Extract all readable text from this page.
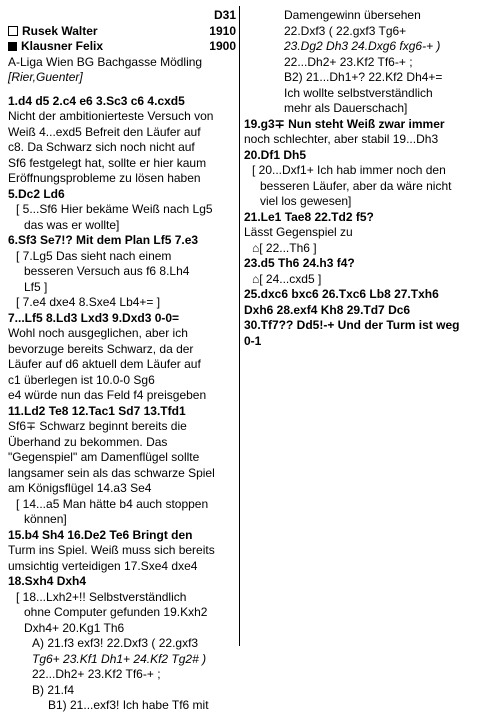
D31
Rusek Walter	1910
Klausner Felix	1900
A-Liga Wien BG Bachgasse Mödling
[Rier,Guenter]
1.d4 d5 2.c4 e6 3.Sc3 c6 4.cxd5
Nicht der ambitionierteste Versuch von
Weiß 4...exd5 Befreit den Läufer auf
c8. Da Schwarz sich noch nicht auf
Sf6 festgelegt hat, sollte er hier kaum
Eröffnungsprobleme zu lösen haben
5.Dc2 Ld6
[ 5...Sf6 Hier bekäme Weiß nach Lg5
das was er wollte]
6.Sf3 Se7!? Mit dem Plan Lf5 7.e3
[ 7.Lg5 Das sieht nach einem
besseren Versuch aus f6 8.Lh4
Lf5 ]
[ 7.e4 dxe4 8.Sxe4 Lb4+= ]
7...Lf5 8.Ld3 Lxd3 9.Dxd3 0-0=
Wohl noch ausgeglichen, aber ich
bevorzuge bereits Schwarz, da der
Läufer auf d6 aktuell dem Läufer auf
c1 überlegen ist 10.0-0 Sg6
e4 würde nun das Feld f4 preisgeben
11.Ld2 Te8 12.Tac1 Sd7 13.Tfd1
Sf6∓ Schwarz beginnt bereits die
Überhand zu bekommen. Das
"Gegenspiel" am Damenflügel sollte
langsamer sein als das schwarze Spiel
am Königsflügel 14.a3 Se4
[ 14...a5 Man hätte b4 auch stoppen
können]
15.b4 Sh4 16.De2 Te6 Bringt den
Turm ins Spiel. Weiß muss sich bereits
umsichtig verteidigen 17.Sxe4 dxe4
18.Sxh4 Dxh4
[ 18...Lxh2+!! Selbstverständlich
ohne Computer gefunden 19.Kxh2
Dxh4+ 20.Kg1 Th6
A) 21.f3 exf3! 22.Dxf3 ( 22.gxf3
Tg6+ 23.Kf1 Dh1+ 24.Kf2 Tg2# )
22...Dh2+ 23.Kf2 Tf6-+ ;
B) 21.f4
B1) 21...exf3! Ich habe Tf6 mit
Damengewinn übersehen
22.Dxf3 ( 22.gxf3 Tg6+
23.Dg2 Dh3 24.Dxg6 fxg6-+ )
22...Dh2+ 23.Kf2 Tf6-+ ;
B2) 21...Dh1+? 22.Kf2 Dh4+=
Ich wollte selbstverständlich
mehr als Dauerschach]
19.g3∓ Nun steht Weiß zwar immer
noch schlechter, aber stabil 19...Dh3
20.Df1 Dh5
[ 20...Dxf1+ Ich hab immer noch den
besseren Läufer, aber da wäre nicht
viel los gewesen]
21.Le1 Tae8 22.Td2 f5?
Lässt Gegenspiel zu
⌂[ 22...Th6 ]
23.d5 Th6 24.h3 f4?
⌂[ 24...cxd5 ]
25.dxc6 bxc6 26.Txc6 Lb8 27.Txh6
Dxh6 28.exf4 Kh8 29.Td7 Dc6
30.Tf7?? Dd5!-+ Und der Turm ist weg
0-1
